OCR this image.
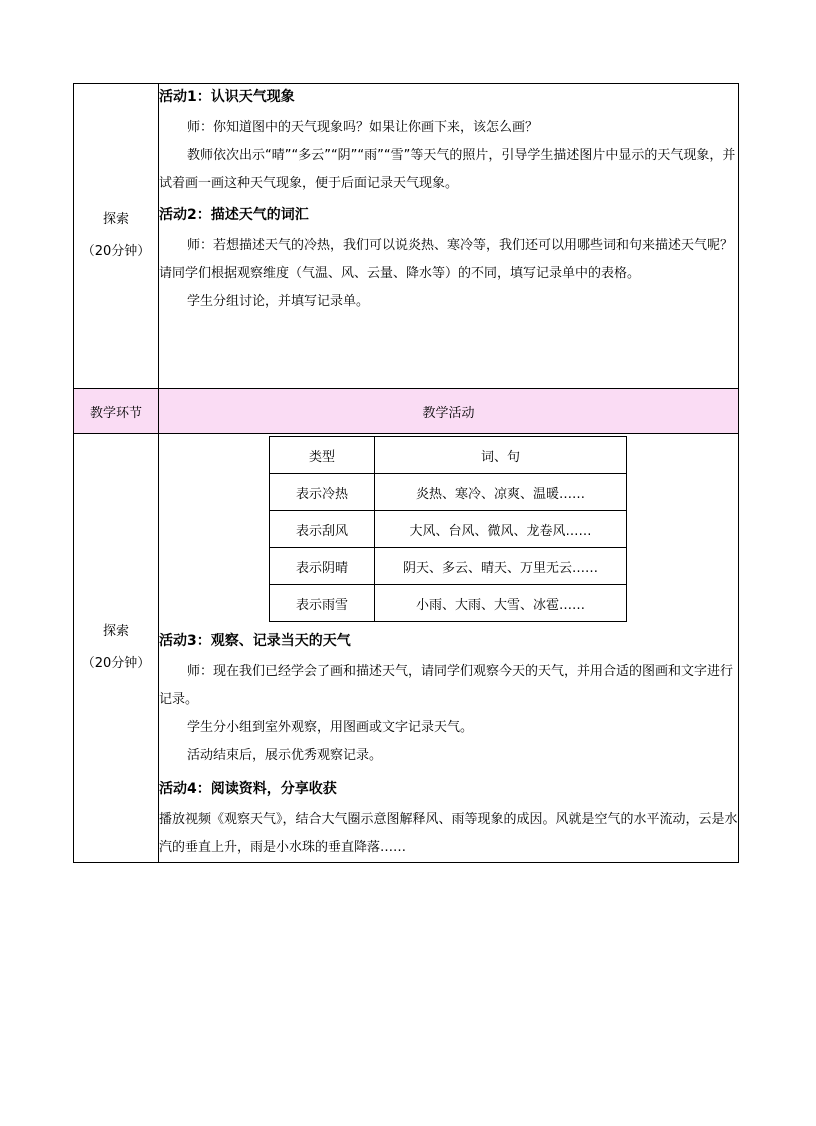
探索
（20分钟）

活动1：认识天气现象
师：你知道图中的天气现象吗？如果让你画下来，该怎么画？
教师依次出示“晴”“多云”“阴”“雨”“雪”等天气的照片，引导学生描述图片中显示的天气现象，并试着画一画这种天气现象，便于后面记录天气现象。
活动2：描述天气的词汇
师：若想描述天气的冷热，我们可以说炎热、寒冷等，我们还可以用哪些词和句来描述天气呢？请同学们根据观察维度（气温、风、云量、降水等）的不同，填写记录单中的表格。
学生分组讨论，并填写记录单。

教学环节	教学活动

探索
（20分钟）

类型	词、句
表示冷热	炎热、寒冷、凉爽、温暖……
表示刮风	大风、台风、微风、龙卷风……
表示阴晴	阴天、多云、晴天、万里无云……
表示雨雪	小雨、大雨、大雪、冰雹……
活动3：观察、记录当天的天气
师：现在我们已经学会了画和描述天气，请同学们观察今天的天气，并用合适的图画和文字进行记录。
学生分小组到室外观察，用图画或文字记录天气。
活动结束后，展示优秀观察记录。
活动4：阅读资料，分享收获
播放视频《观察天气》，结合大气圈示意图解释风、雨等现象的成因。风就是空气的水平流动，云是水汽的垂直上升，雨是小水珠的垂直降落……
